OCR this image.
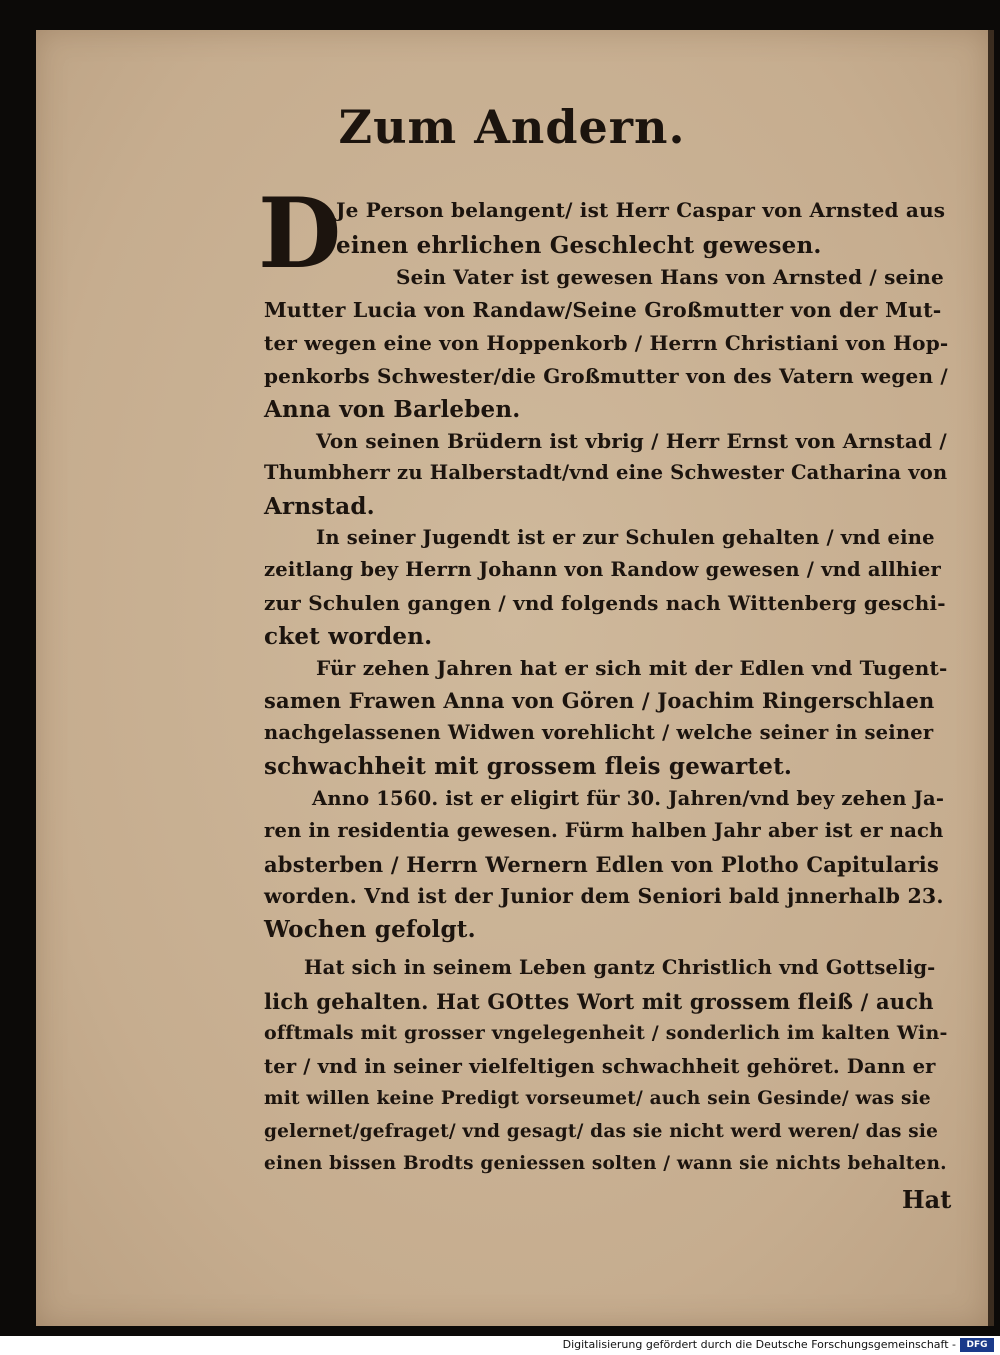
Zum Andern.
D
Je Person belangent/ ist Herr Caspar von Arnsted aus
einen ehrlichen Geschlecht gewesen.
Sein Vater ist gewesen Hans von Arnsted / seine
Mutter Lucia von Randaw/Seine Großmutter von der Mut-
ter wegen eine von Hoppenkorb / Herrn Christiani von Hop-
penkorbs Schwester/die Großmutter von des Vatern wegen /
Anna von Barleben.
Von seinen Brüdern ist vbrig / Herr Ernst von Arnstad /
Thumbherr zu Halberstadt/vnd eine Schwester Catharina von
Arnstad.
In seiner Jugendt ist er zur Schulen gehalten / vnd eine
zeitlang bey Herrn Johann von Randow gewesen / vnd allhier
zur Schulen gangen / vnd folgends nach Wittenberg geschi-
cket worden.
Für zehen Jahren hat er sich mit der Edlen vnd Tugent-
samen Frawen Anna von Gören / Joachim Ringerschlaen
nachgelassenen Widwen vorehlicht / welche seiner in seiner
schwachheit mit grossem fleis gewartet.
Anno 1560. ist er eligirt für 30. Jahren/vnd bey zehen Ja-
ren in residentia gewesen. Fürm halben Jahr aber ist er nach
absterben / Herrn Wernern Edlen von Plotho Capitularis
worden. Vnd ist der Junior dem Seniori bald jnnerhalb 23.
Wochen gefolgt.
Hat sich in seinem Leben gantz Christlich vnd Gottselig-
lich gehalten. Hat GOttes Wort mit grossem fleiß / auch
offtmals mit grosser vngelegenheit / sonderlich im kalten Win-
ter / vnd in seiner vielfeltigen schwachheit gehöret. Dann er
mit willen keine Predigt vorseumet/ auch sein Gesinde/ was sie
gelernet/gefraget/ vnd gesagt/ das sie nicht werd weren/ das sie
einen bissen Brodts geniessen solten / wann sie nichts behalten.
Hat
Digitalisierung gefördert durch die Deutsche Forschungsgemeinschaft -	DFG
